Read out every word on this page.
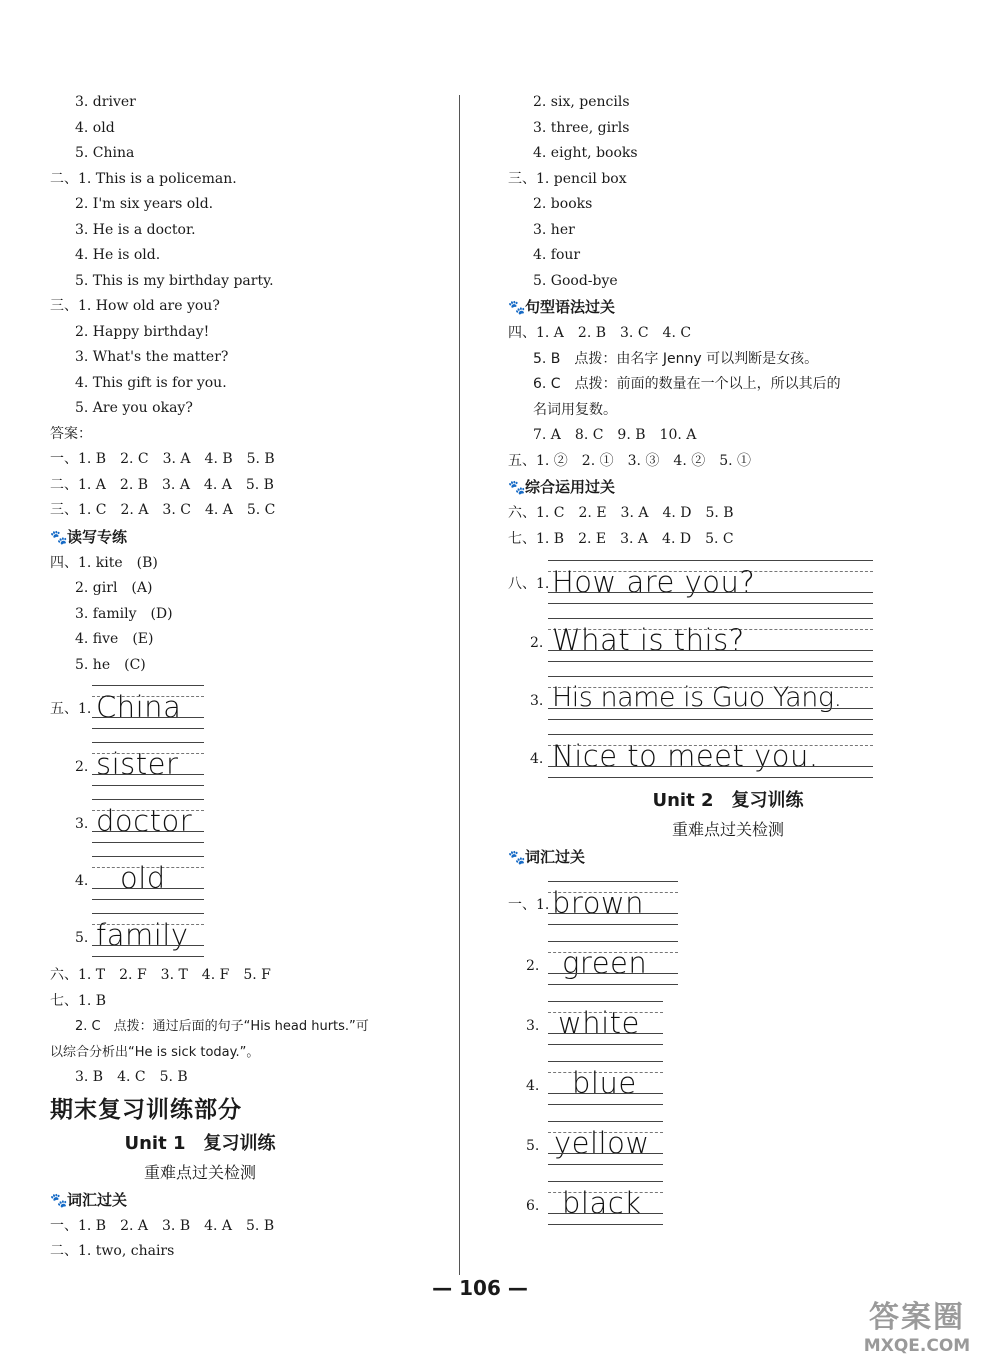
3. driver
4. old
5. China
二、1. This is a policeman.
2. I'm six years old.
3. He is a doctor.
4. He is old.
5. This is my birthday party.
三、1. How old are you?
2. Happy birthday!
3. What's the matter?
4. This gift is for you.
5. Are you okay?
答案：
一、1. B　2. C　3. A　4. B　5. B
二、1. A　2. B　3. A　4. A　5. B
三、1. C　2. A　3. C　4. A　5. C
🐾读写专练
四、1. kite　(B)
2. girl　(A)
3. family　(D)
4. five　(E)
5. he　(C)
五、1. China
2. sister
3. doctor
4. old
5. family
六、1. T　2. F　3. T　4. F　5. F
七、1. B
2. C　点拨：通过后面的句子“His head hurts.”可
以综合分析出“He is sick today.”。
3. B　4. C　5. B
期末复习训练部分
Unit 1　复习训练
重难点过关检测
🐾词汇过关
一、1. B　2. A　3. B　4. A　5. B
二、1. two, chairs
2. six, pencils
3. three, girls
4. eight, books
三、1. pencil box
2. books
3. her
4. four
5. Good-bye
🐾句型语法过关
四、1. A　2. B　3. C　4. C
5. B　点拨：由名字 Jenny 可以判断是女孩。
6. C　点拨：前面的数量在一个以上，所以其后的
名词用复数。
7. A　8. C　9. B　10. A
五、1. ②　2. ①　3. ③　4. ②　5. ①
🐾综合运用过关
六、1. C　2. E　3. A　4. D　5. B
七、1. B　2. E　3. A　4. D　5. C
八、1. How are you?
2. What is this?
3. His name is Guo Yang.
4. Nice to meet you.
Unit 2　复习训练
重难点过关检测
🐾词汇过关
一、1. brown
2. green
3. white
4. blue
5. yellow
6. black
— 106 —
答案圈
MXQE.COM
